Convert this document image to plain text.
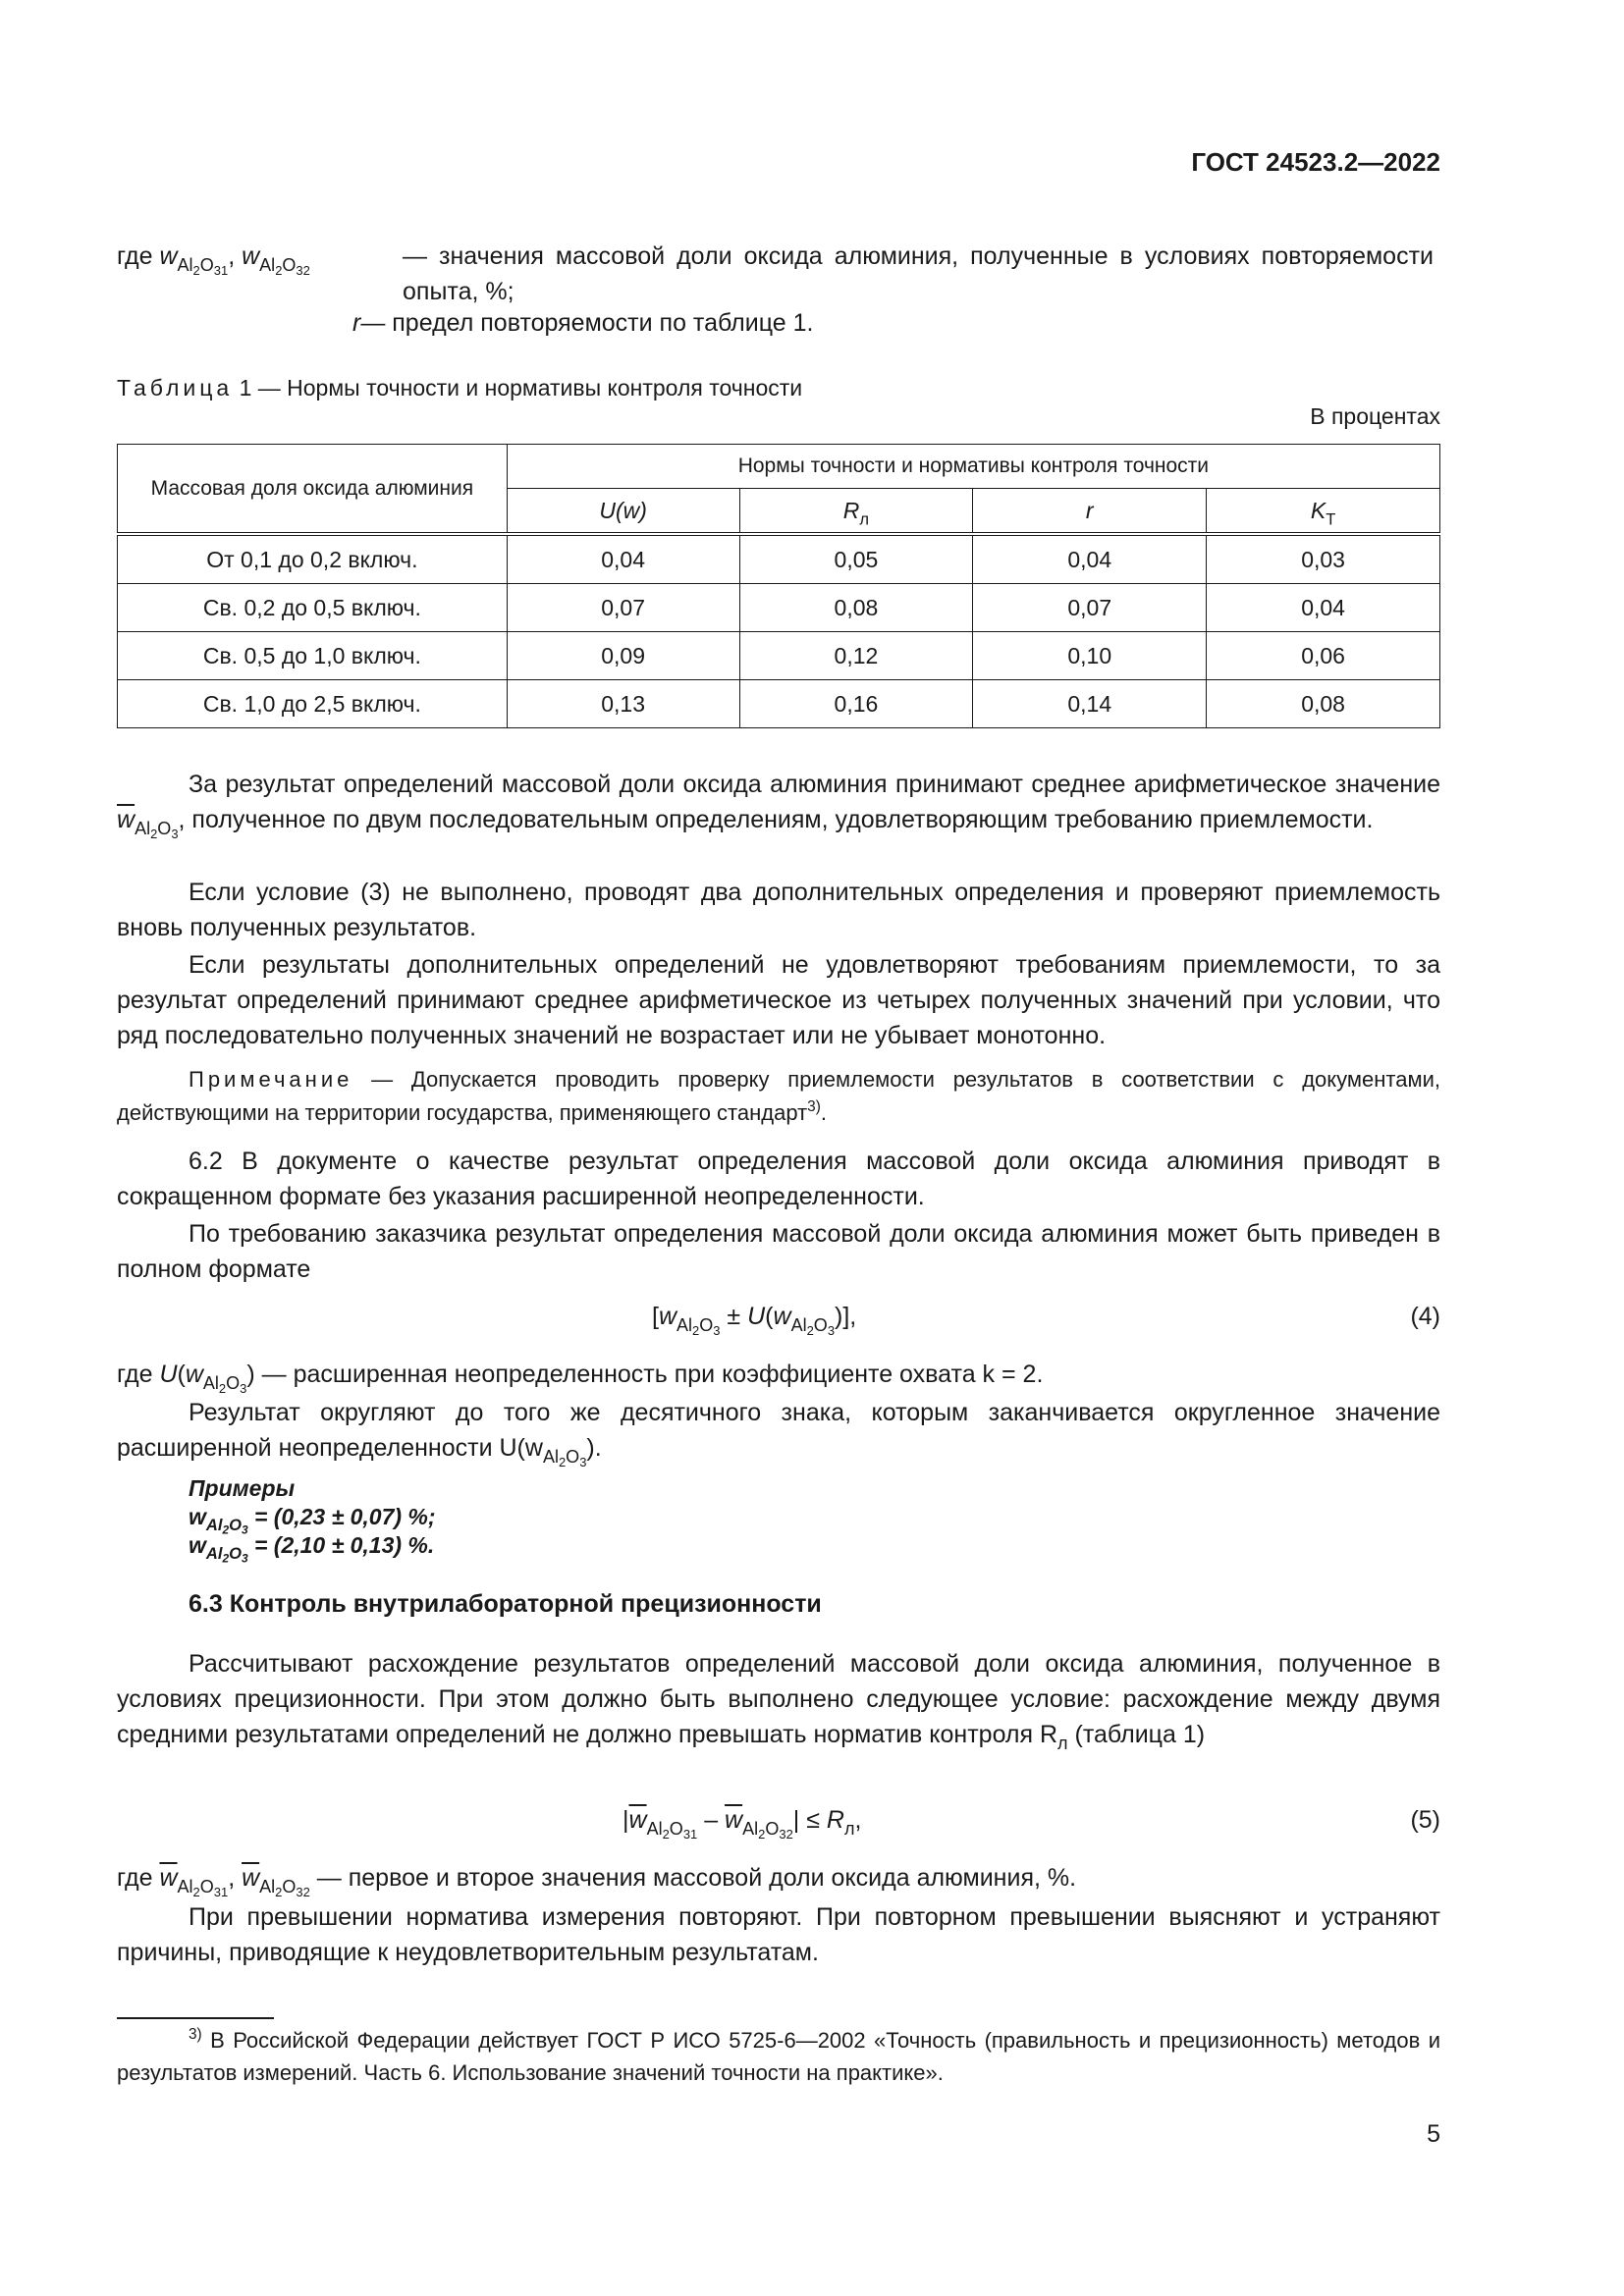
ГОСТ 24523.2—2022
где $w_{Al_2O_{31}}$, $w_{Al_2O_{32}}—$ значения массовой доли оксида алюминия, полученные в условиях повторяемости опыта, %;
r— предел повторяемости по таблице 1.
Таблица 1 — Нормы точности и нормативы контроля точности
В процентах
Массовая доля оксида алюминия	Нормы точности и нормативы контроля точности			
	U(w)	$R_л$	r	$K_Т$
От 0,1 до 0,2 включ.	0,04	0,05	0,04	0,03
Св. 0,2 до 0,5 включ.	0,07	0,08	0,07	0,04
Св. 0,5 до 1,0 включ.	0,09	0,12	0,10	0,06
Св. 1,0 до 2,5 включ.	0,13	0,16	0,14	0,08
За результат определений массовой доли оксида алюминия принимают среднее арифметическое значение $\overline{w}_{Al_2O_3}$, полученное по двум последовательным определениям, удовлетворяющим требованию приемлемости.
Если условие (3) не выполнено, проводят два дополнительных определения и проверяют приемлемость вновь полученных результатов.
Если результаты дополнительных определений не удовлетворяют требованиям приемлемости, то за результат определений принимают среднее арифметическое из четырех полученных значений при условии, что ряд последовательно полученных значений не возрастает или не убывает монотонно.
Примечание — Допускается проводить проверку приемлемости результатов в соответствии с документами, действующими на территории государства, применяющего стандарт$^{3)}$.
6.2 В документе о качестве результат определения массовой доли оксида алюминия приводят в сокращенном формате без указания расширенной неопределенности.
По требованию заказчика результат определения массовой доли оксида алюминия может быть приведен в полном формате
$[w_{Al_2O_3} \pm U(w_{Al_2O_3})]$,	(4)
где $U(w_{Al_2O_3})$ — расширенная неопределенность при коэффициенте охвата k = 2.
Результат округляют до того же десятичного знака, которым заканчивается округленное значение расширенной неопределенности $U(w_{Al_2O_3})$.
Примеры
$w_{Al_2O_3} = (0,23 \pm 0,07)$ %;
$w_{Al_2O_3} = (2,10 \pm 0,13)$ %.
6.3 Контроль внутрилабораторной прецизионности
Рассчитывают расхождение результатов определений массовой доли оксида алюминия, полученное в условиях прецизионности. При этом должно быть выполнено следующее условие: расхождение между двумя средними результатами определений не должно превышать норматив контроля $R_л$ (таблица 1)
$|\overline{w}_{Al_2O_{31}} - \overline{w}_{Al_2O_{32}}| \le R_л$,	(5)
где $\overline{w}_{Al_2O_{31}}$, $\overline{w}_{Al_2O_{32}}$ — первое и второе значения массовой доли оксида алюминия, %.
При превышении норматива измерения повторяют. При повторном превышении выясняют и устраняют причины, приводящие к неудовлетворительным результатам.
$^{3)}$ В Российской Федерации действует ГОСТ Р ИСО 5725-6—2002 «Точность (правильность и прецизионность) методов и результатов измерений. Часть 6. Использование значений точности на практике».
5
